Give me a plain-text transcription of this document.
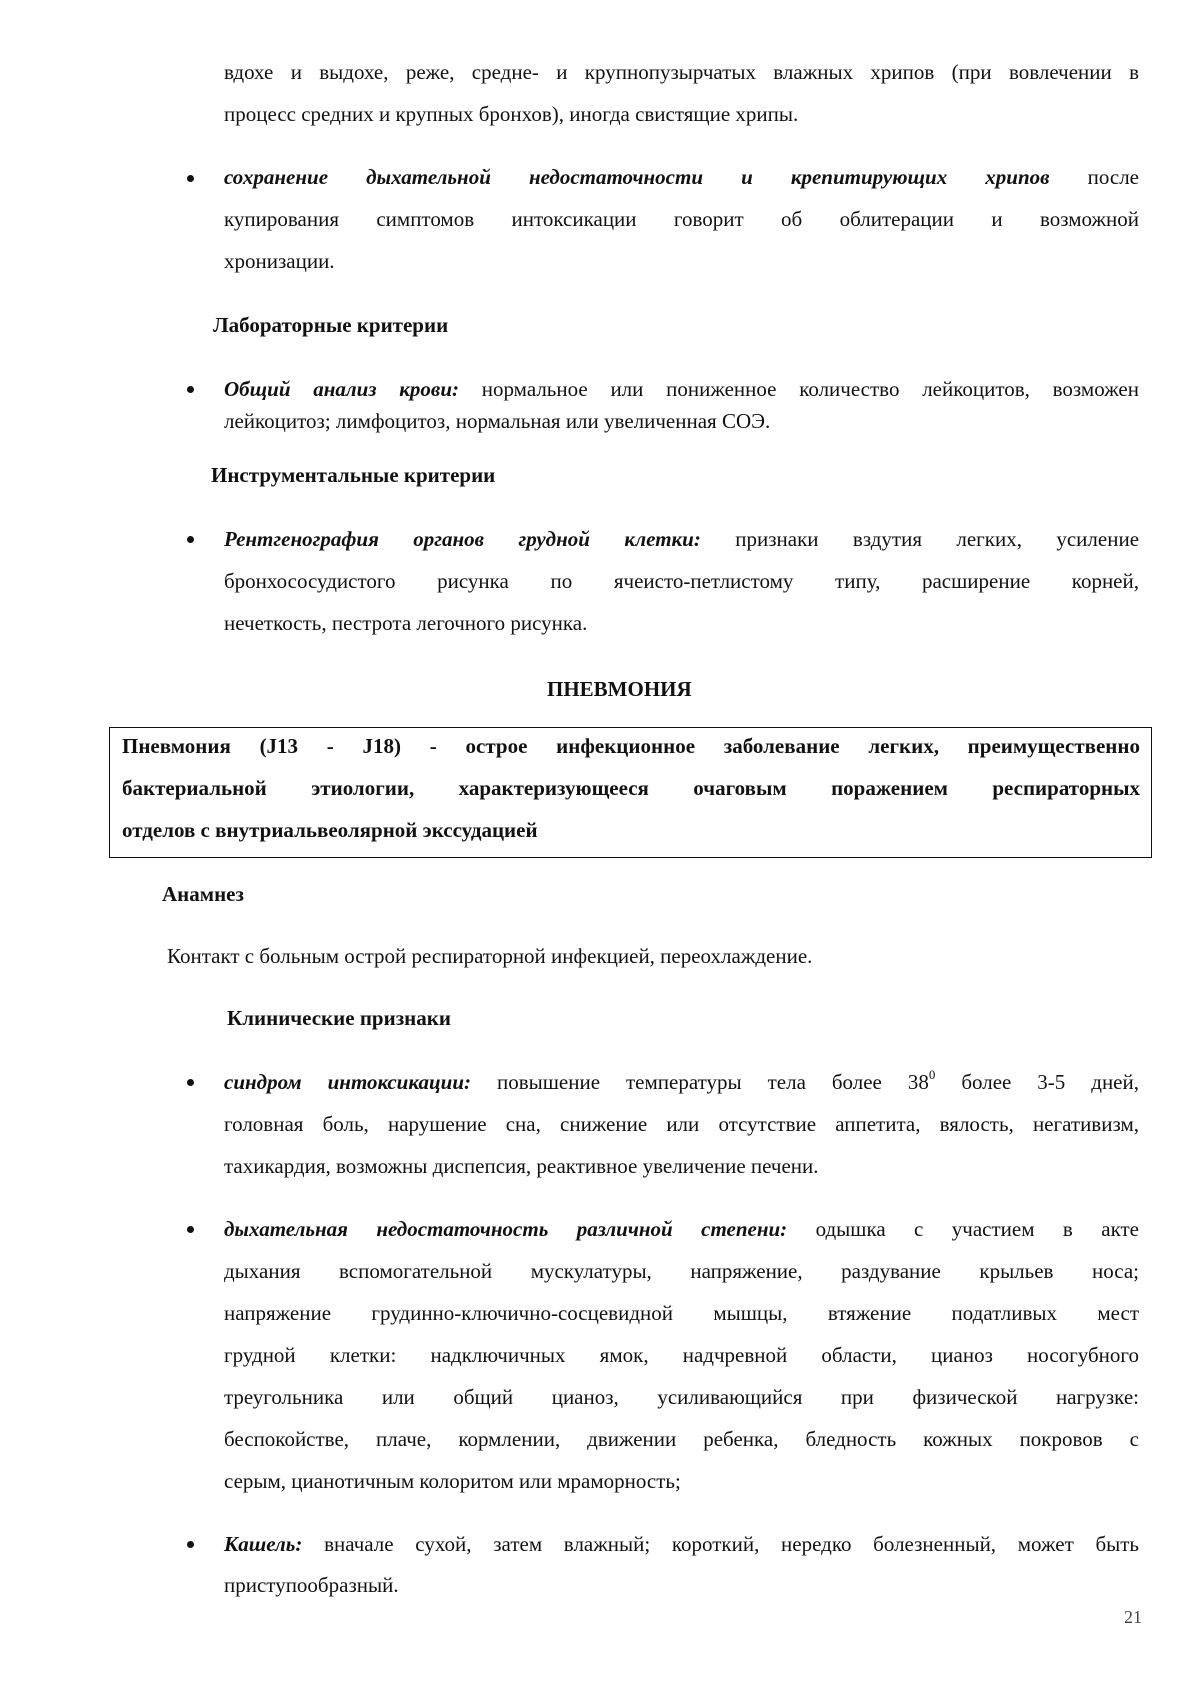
вдохе и выдохе, реже, средне- и крупнопузырчатых влажных хрипов (при вовлечении в
процесс средних и крупных бронхов), иногда свистящие хрипы.
сохранение дыхательной недостаточности и крепитирующих хрипов после
купирования симптомов интоксикации говорит об облитерации и возможной
хронизации.
Лабораторные критерии
Общий анализ крови: нормальное или пониженное количество лейкоцитов, возможен
лейкоцитоз; лимфоцитоз, нормальная или увеличенная СОЭ.
Инструментальные критерии
Рентгенография органов грудной клетки: признаки вздутия легких, усиление
бронхососудистого рисунка по ячеисто-петлистому типу, расширение корней,
нечеткость, пестрота легочного рисунка.
ПНЕВМОНИЯ
Пневмония (J13 - J18) - острое инфекционное заболевание легких, преимущественно
бактериальной этиологии, характеризующееся очаговым поражением респираторных
отделов с внутриальвеолярной экссудацией
Анамнез
Контакт с больным острой респираторной инфекцией, переохлаждение.
Клинические признаки
синдром интоксикации: повышение температуры тела более $38^0$ более 3-5 дней,
головная боль, нарушение сна, снижение или отсутствие аппетита, вялость, негативизм,
тахикардия, возможны диспепсия, реактивное увеличение печени.
дыхательная недостаточность различной степени: одышка с участием в акте
дыхания вспомогательной мускулатуры, напряжение, раздувание крыльев носа;
напряжение грудинно-ключично-сосцевидной мышцы, втяжение податливых мест
грудной клетки: надключичных ямок, надчревной области, цианоз носогубного
треугольника или общий цианоз, усиливающийся при физической нагрузке:
беспокойстве, плаче, кормлении, движении ребенка, бледность кожных покровов с
серым, цианотичным колоритом или мраморность;
Кашель: вначале сухой, затем влажный; короткий, нередко болезненный, может быть
приступообразный.
21
